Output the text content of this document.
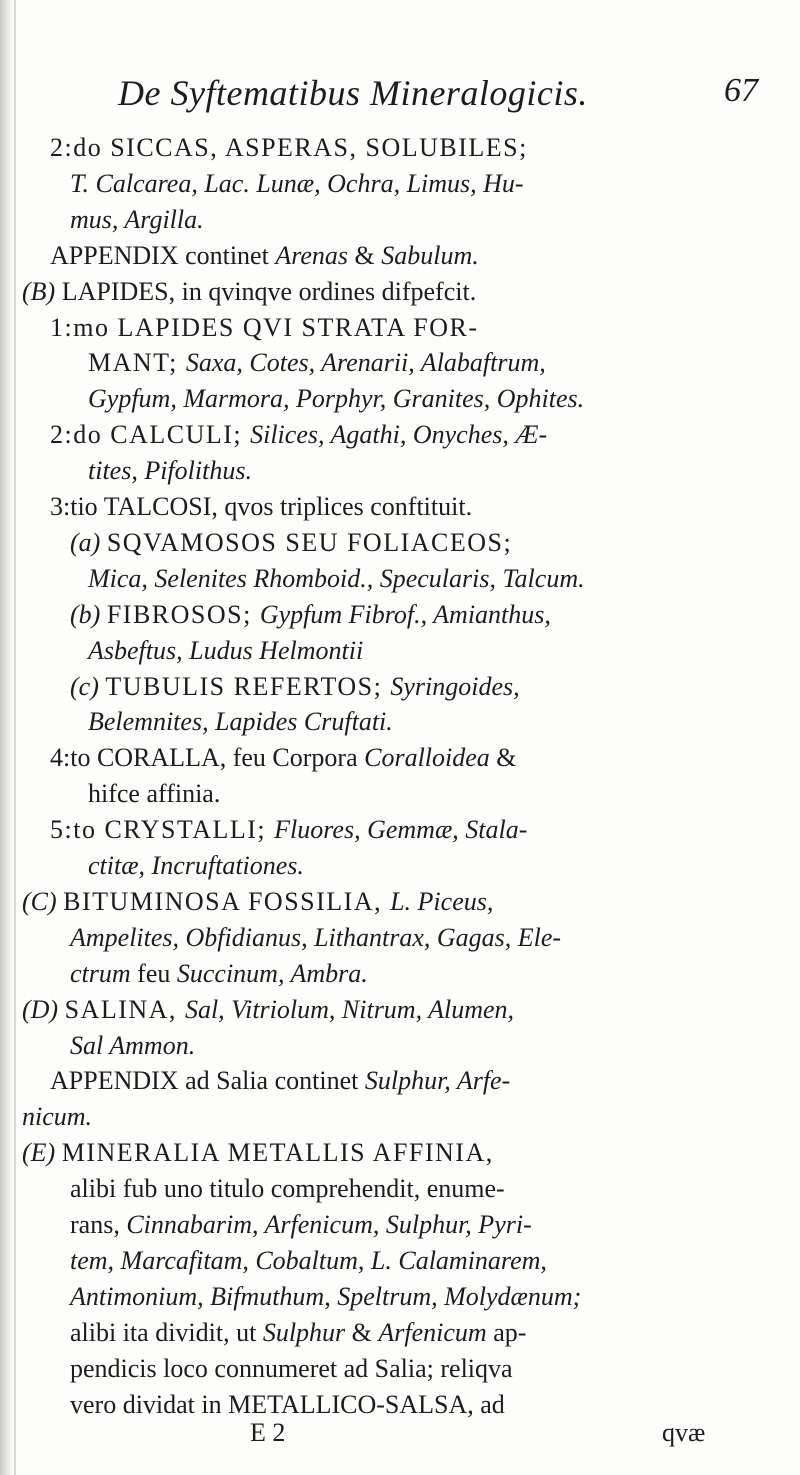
De Syftematibus Mineralogicis.	67
2:do SICCAS, ASPERAS, SOLUBILES;
T. Calcarea, Lac. Lunæ, Ochra, Limus, Hu-
mus, Argilla.
APPENDIX continet Arenas & Sabulum.
(B) LAPIDES, in qvinqve ordines difpefcit.
1:mo LAPIDES QVI STRATA FOR-
MANT; Saxa, Cotes, Arenarii, Alabaftrum,
Gypfum, Marmora, Porphyr, Granites, Ophites.
2:do CALCULI; Silices, Agathi, Onyches, Æ-
tites, Pifolithus.
3:tio TALCOSI, qvos triplices conftituit.
(a) SQVAMOSOS SEU FOLIACEOS;
Mica, Selenites Rhomboid., Specularis, Talcum.
(b) FIBROSOS; Gypfum Fibrof., Amianthus,
Asbeftus, Ludus Helmontii
(c) TUBULIS REFERTOS; Syringoides,
Belemnites, Lapides Cruftati.
4:to CORALLA, feu Corpora Coralloidea &
hifce affinia.
5:to CRYSTALLI; Fluores, Gemmæ, Stala-
ctitæ, Incruftationes.
(C) BITUMINOSA FOSSILIA, L. Piceus,
Ampelites, Obfidianus, Lithantrax, Gagas, Ele-
ctrum feu Succinum, Ambra.
(D) SALINA, Sal, Vitriolum, Nitrum, Alumen,
Sal Ammon.
APPENDIX ad Salia continet Sulphur, Arfe-
nicum.
(E) MINERALIA METALLIS AFFINIA,
alibi fub uno titulo comprehendit, enume-
rans, Cinnabarim, Arfenicum, Sulphur, Pyri-
tem, Marcafitam, Cobaltum, L. Calaminarem,
Antimonium, Bifmuthum, Speltrum, Molydænum;
alibi ita dividit, ut Sulphur & Arfenicum ap-
pendicis loco connumeret ad Salia; reliqva
vero dividat in METALLICO-SALSA, ad
E 2	qvæ
